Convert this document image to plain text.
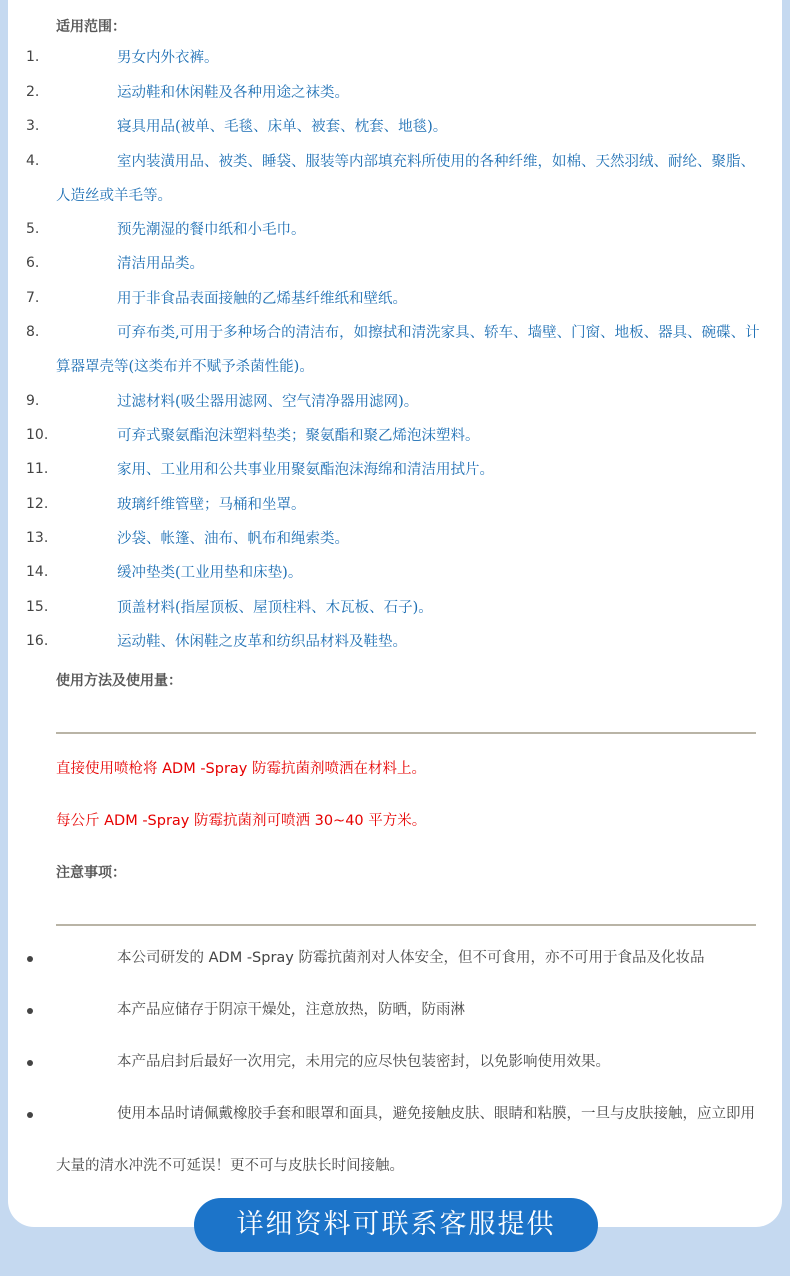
适用范围：
1.	男女内外衣裤。
2.	运动鞋和休闲鞋及各种用途之袜类。
3.	寝具用品(被单、毛毯、床单、被套、枕套、地毯)。
4.	室内装潢用品、被类、睡袋、服装等内部填充料所使用的各种纤维，如棉、天然羽绒、耐纶、聚脂、人造丝或羊毛等。
5.	预先潮湿的餐巾纸和小毛巾。
6.	清洁用品类。
7.	用于非食品表面接触的乙烯基纤维纸和壁纸。
8.	可弃布类,可用于多种场合的清洁布，如擦拭和清洗家具、轿车、墙壁、门窗、地板、器具、碗碟、计算器罩壳等(这类布并不赋予杀菌性能)。
9.	过滤材料(吸尘器用滤网、空气清净器用滤网)。
10.	可弃式聚氨酯泡沫塑料垫类；聚氨酯和聚乙烯泡沫塑料。
11.	家用、工业用和公共事业用聚氨酯泡沫海绵和清洁用拭片。
12.	玻璃纤维管壁；马桶和坐罩。
13.	沙袋、帐篷、油布、帆布和绳索类。
14.	缓冲垫类(工业用垫和床垫)。
15.	顶盖材料(指屋顶板、屋顶柱料、木瓦板、石子)。
16.	运动鞋、休闲鞋之皮革和纺织品材料及鞋垫。
使用方法及使用量：
直接使用喷枪将 ADM -Spray 防霉抗菌剂喷洒在材料上。
每公斤 ADM -Spray 防霉抗菌剂可喷洒 30~40 平方米。
注意事项：
本公司研发的 ADM -Spray 防霉抗菌剂对人体安全，但不可食用，亦不可用于食品及化妆品
本产品应储存于阴凉干燥处，注意放热，防晒，防雨淋
本产品启封后最好一次用完，未用完的应尽快包装密封，以免影响使用效果。
使用本品时请佩戴橡胶手套和眼罩和面具，避免接触皮肤、眼睛和粘膜，一旦与皮肤接触，应立即用大量的清水冲洗不可延误！更不可与皮肤长时间接触。
详细资料可联系客服提供
